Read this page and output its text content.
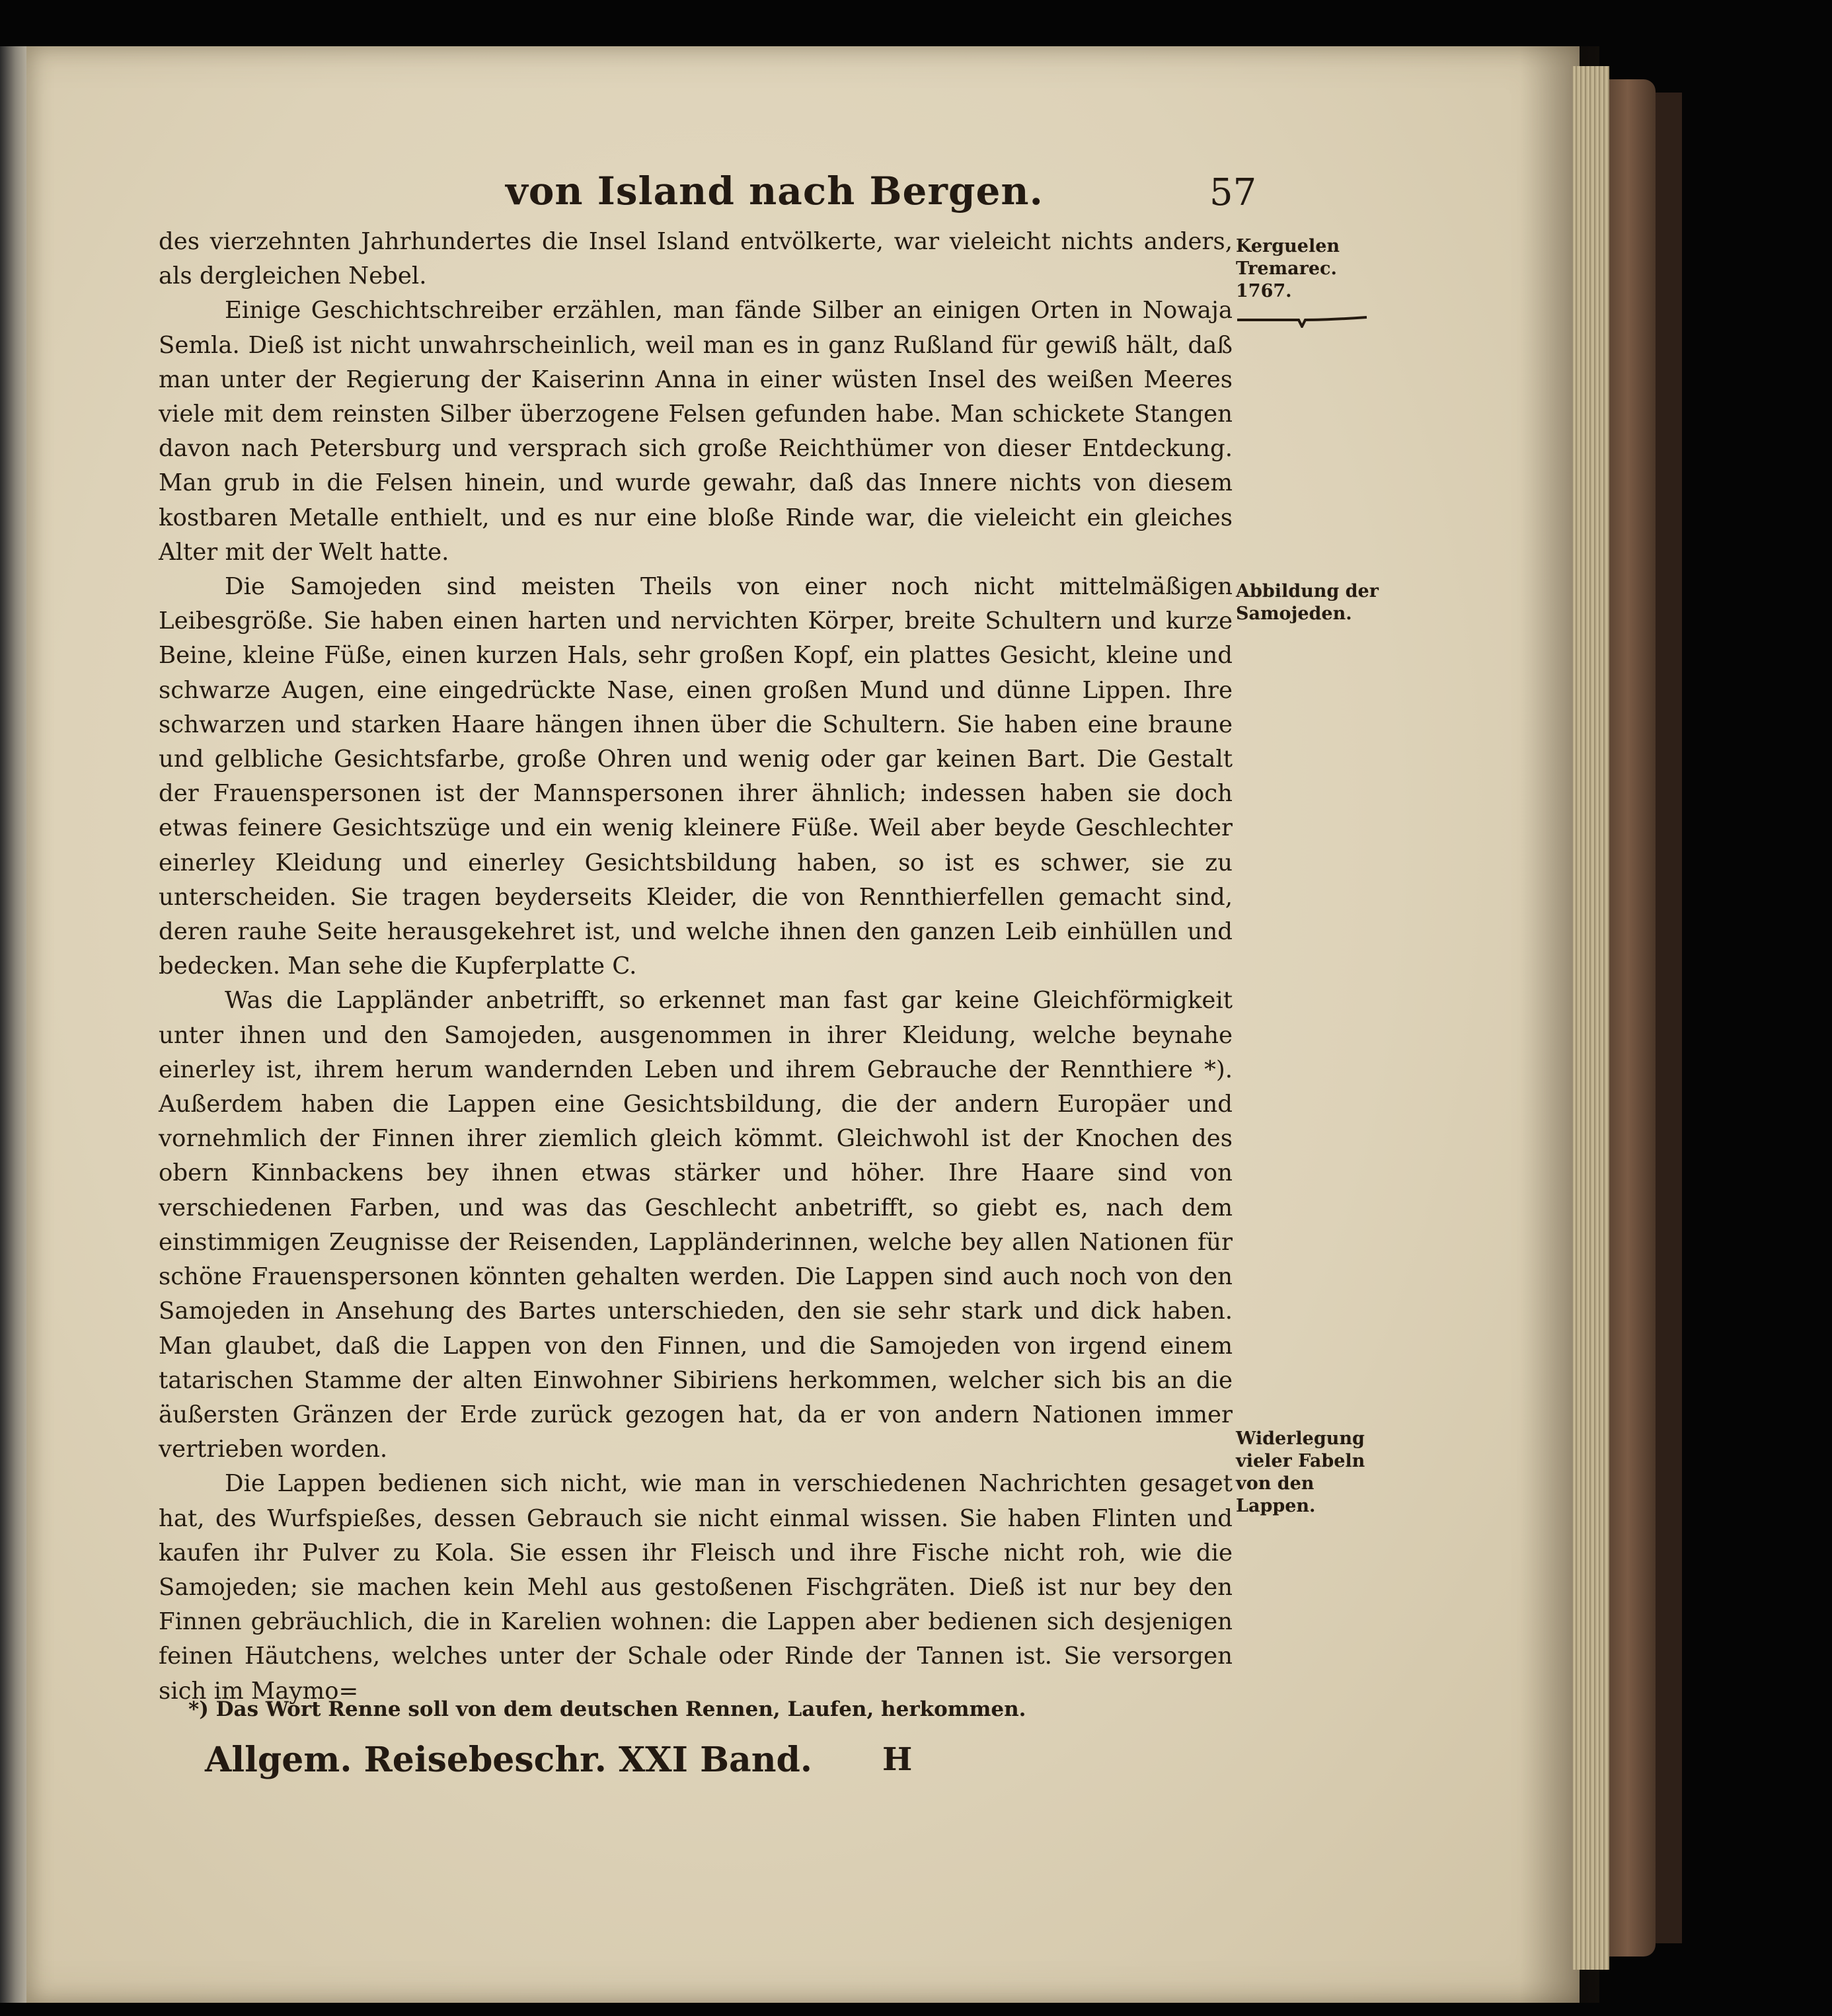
von Island nach Bergen.	57

des vierzehnten Jahrhundertes die Insel Island entvölkerte, war vieleicht nichts anders, als dergleichen Nebel.

Einige Geschichtschreiber erzählen, man fände Silber an einigen Orten in Nowaja Semla. Dieß ist nicht unwahrscheinlich, weil man es in ganz Rußland für gewiß hält, daß man unter der Regierung der Kaiserinn Anna in einer wüsten Insel des weißen Meeres viele mit dem reinsten Silber überzogene Felsen gefunden habe. Man schickete Stangen davon nach Petersburg und versprach sich große Reichthümer von dieser Entdeckung. Man grub in die Felsen hinein, und wurde gewahr, daß das Innere nichts von diesem kostbaren Metalle enthielt, und es nur eine bloße Rinde war, die vieleicht ein gleiches Alter mit der Welt hatte.

Die Samojeden sind meisten Theils von einer noch nicht mittelmäßigen Leibesgröße. Sie haben einen harten und nervichten Körper, breite Schultern und kurze Beine, kleine Füße, einen kurzen Hals, sehr großen Kopf, ein plattes Gesicht, kleine und schwarze Augen, eine eingedrückte Nase, einen großen Mund und dünne Lippen. Ihre schwarzen und starken Haare hängen ihnen über die Schultern. Sie haben eine braune und gelbliche Gesichtsfarbe, große Ohren und wenig oder gar keinen Bart. Die Gestalt der Frauenspersonen ist der Mannspersonen ihrer ähnlich; indessen haben sie doch etwas feinere Gesichtszüge und ein wenig kleinere Füße. Weil aber beyde Geschlechter einerley Kleidung und einerley Gesichtsbildung haben, so ist es schwer, sie zu unterscheiden. Sie tragen beyderseits Kleider, die von Rennthierfellen gemacht sind, deren rauhe Seite herausgekehret ist, und welche ihnen den ganzen Leib einhüllen und bedecken. Man sehe die Kupferplatte C.

Was die Lappländer anbetrifft, so erkennet man fast gar keine Gleichförmigkeit unter ihnen und den Samojeden, ausgenommen in ihrer Kleidung, welche beynahe einerley ist, ihrem herum wandernden Leben und ihrem Gebrauche der Rennthiere *). Außerdem haben die Lappen eine Gesichtsbildung, die der andern Europäer und vornehmlich der Finnen ihrer ziemlich gleich kömmt. Gleichwohl ist der Knochen des obern Kinnbackens bey ihnen etwas stärker und höher. Ihre Haare sind von verschiedenen Farben, und was das Geschlecht anbetrifft, so giebt es, nach dem einstimmigen Zeugnisse der Reisenden, Lappländerinnen, welche bey allen Nationen für schöne Frauenspersonen könnten gehalten werden. Die Lappen sind auch noch von den Samojeden in Ansehung des Bartes unterschieden, den sie sehr stark und dick haben. Man glaubet, daß die Lappen von den Finnen, und die Samojeden von irgend einem tatarischen Stamme der alten Einwohner Sibiriens herkommen, welcher sich bis an die äußersten Gränzen der Erde zurück gezogen hat, da er von andern Nationen immer vertrieben worden.

Die Lappen bedienen sich nicht, wie man in verschiedenen Nachrichten gesaget hat, des Wurfspießes, dessen Gebrauch sie nicht einmal wissen. Sie haben Flinten und kaufen ihr Pulver zu Kola. Sie essen ihr Fleisch und ihre Fische nicht roh, wie die Samojeden; sie machen kein Mehl aus gestoßenen Fischgräten. Dieß ist nur bey den Finnen gebräuchlich, die in Karelien wohnen: die Lappen aber bedienen sich desjenigen feinen Häutchens, welches unter der Schale oder Rinde der Tannen ist. Sie versorgen sich im Maymo=

Kerguelen Tremarec. 1767.
Abbildung der Samojeden.
Widerlegung vieler Fabeln von den Lappen.
*) Das Wort Renne soll von dem deutschen Rennen, Laufen, herkommen.
Allgem. Reisebeschr. XXI Band. H
